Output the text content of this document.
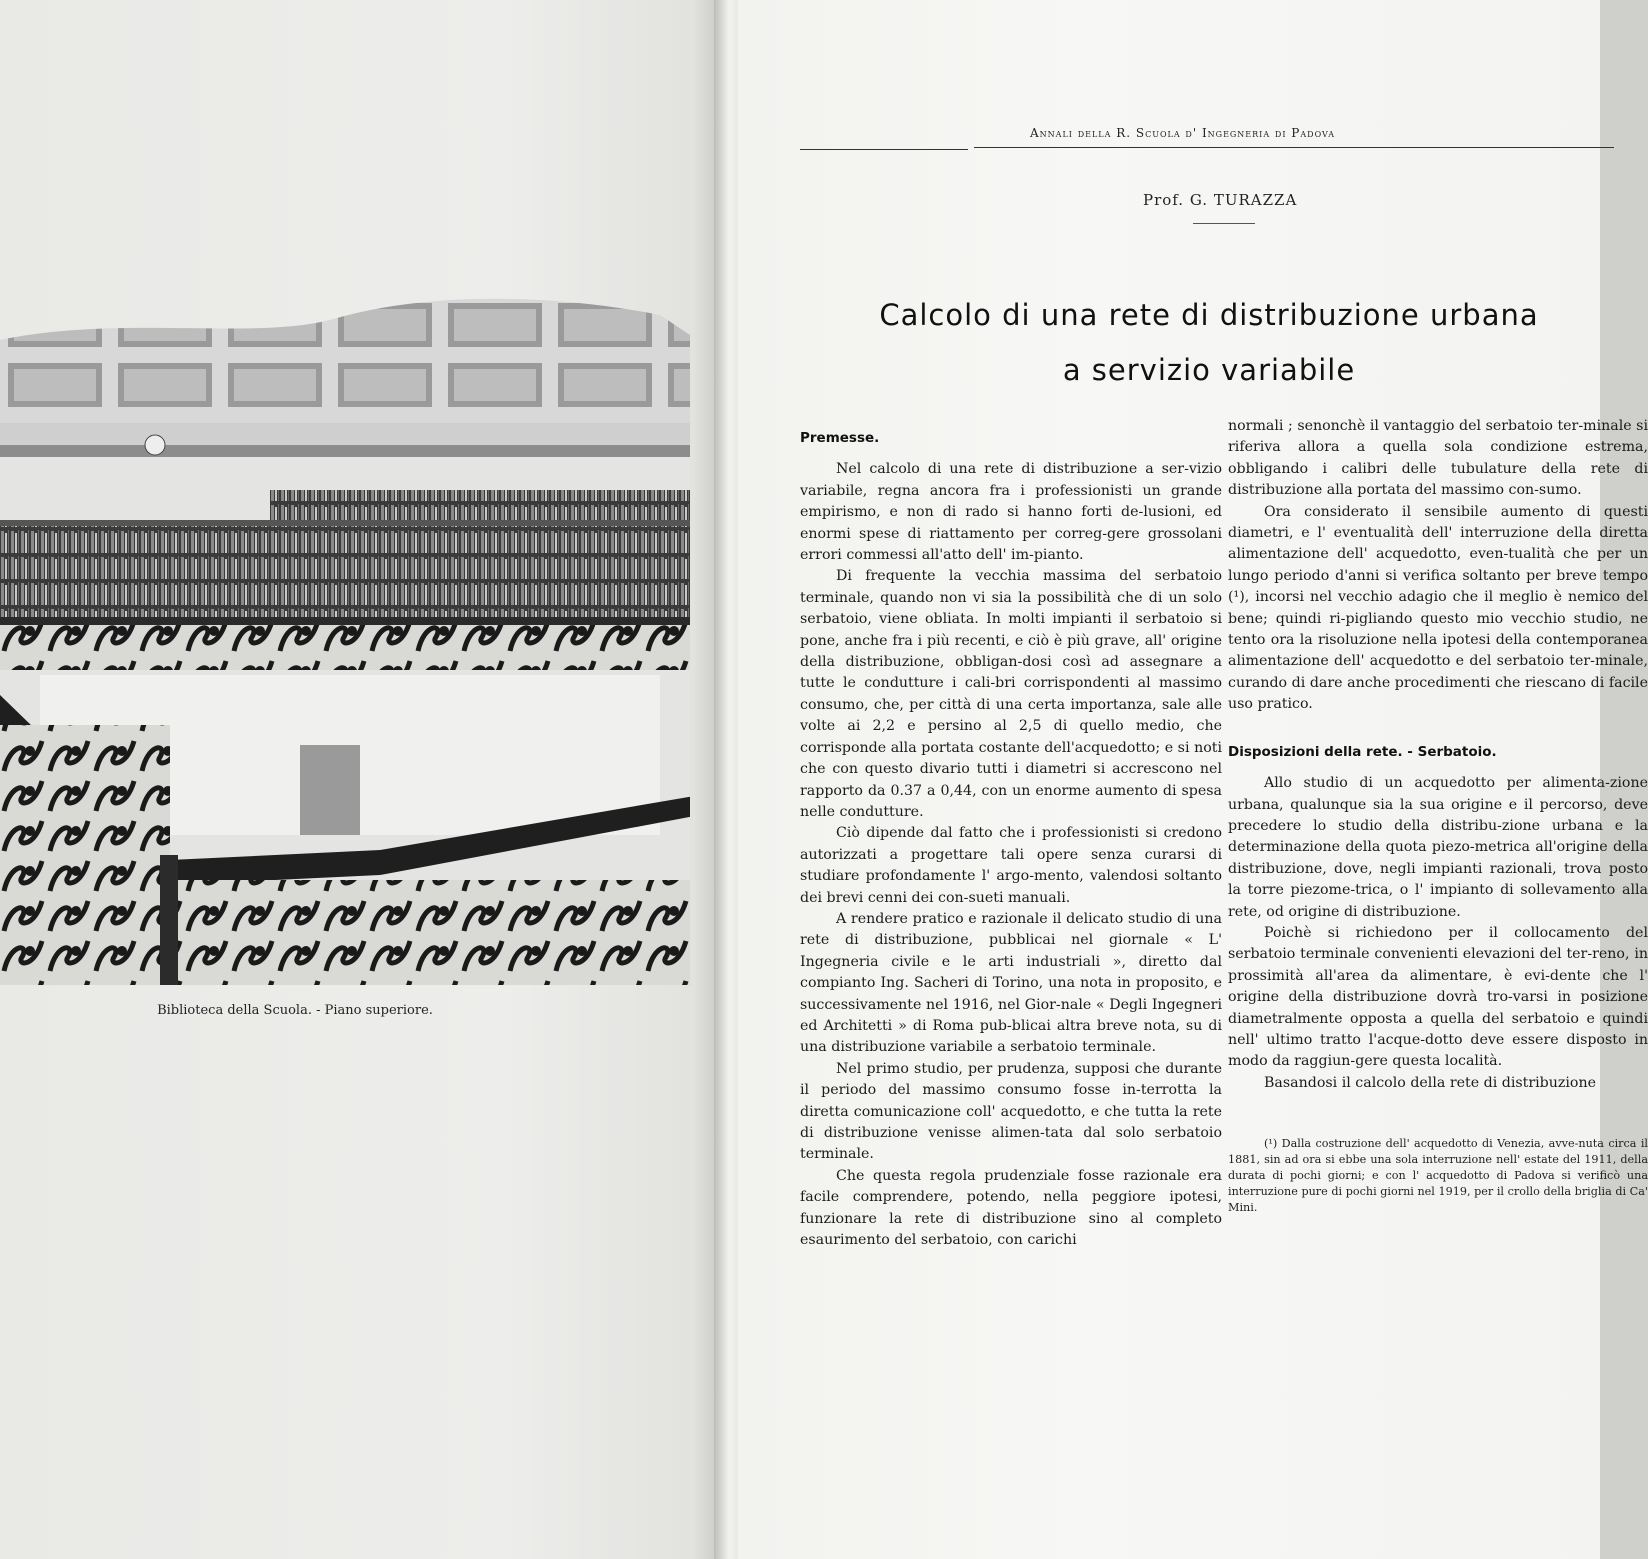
Biblioteca della Scuola. - Piano superiore.
Annali della R. Scuola d' Ingegneria di Padova
Prof. G. TURAZZA
Calcolo di una rete di distribuzione urbana
a servizio variabile
Premesse.

Nel calcolo di una rete di distribuzione a ser-vizio variabile, regna ancora fra i professionisti un grande empirismo, e non di rado si hanno forti de-lusioni, ed enormi spese di riattamento per correg-gere grossolani errori commessi all'atto dell' im-pianto.

Di frequente la vecchia massima del serbatoio terminale, quando non vi sia la possibilità che di un solo serbatoio, viene obliata. In molti impianti il serbatoio si pone, anche fra i più recenti, e ciò è più grave, all' origine della distribuzione, obbligan-dosi così ad assegnare a tutte le condutture i cali-bri corrispondenti al massimo consumo, che, per città di una certa importanza, sale alle volte ai 2,2 e persino al 2,5 di quello medio, che corrisponde alla portata costante dell'acquedotto; e si noti che con questo divario tutti i diametri si accrescono nel rapporto da 0.37 a 0,44, con un enorme aumento di spesa nelle condutture.

Ciò dipende dal fatto che i professionisti si credono autorizzati a progettare tali opere senza curarsi di studiare profondamente l' argo-mento, valendosi soltanto dei brevi cenni dei con-sueti manuali.

A rendere pratico e razionale il delicato studio di una rete di distribuzione, pubblicai nel giornale « L' Ingegneria civile e le arti industriali », diretto dal compianto Ing. Sacheri di Torino, una nota in proposito, e successivamente nel 1916, nel Gior-nale « Degli Ingegneri ed Architetti » di Roma pub-blicai altra breve nota, su di una distribuzione variabile a serbatoio terminale.

Nel primo studio, per prudenza, supposi che durante il periodo del massimo consumo fosse in-terrotta la diretta comunicazione coll' acquedotto, e che tutta la rete di distribuzione venisse alimen-tata dal solo serbatoio terminale.

Che questa regola prudenziale fosse razionale era facile comprendere, potendo, nella peggiore ipotesi, funzionare la rete di distribuzione sino al completo esaurimento del serbatoio, con carichi

normali ; senonchè il vantaggio del serbatoio ter-minale si riferiva allora a quella sola condizione estrema, obbligando i calibri delle tubulature della rete di distribuzione alla portata del massimo con-sumo.

Ora considerato il sensibile aumento di questi diametri, e l' eventualità dell' interruzione della diretta alimentazione dell' acquedotto, even-tualità che per un lungo periodo d'anni si verifica soltanto per breve tempo (¹), incorsi nel vecchio adagio che il meglio è nemico del bene; quindi ri-pigliando questo mio vecchio studio, ne tento ora la risoluzione nella ipotesi della contemporanea alimentazione dell' acquedotto e del serbatoio ter-minale, curando di dare anche procedimenti che riescano di facile uso pratico.

Disposizioni della rete. - Serbatoio.

Allo studio di un acquedotto per alimenta-zione urbana, qualunque sia la sua origine e il percorso, deve precedere lo studio della distribu-zione urbana e la determinazione della quota piezo-metrica all'origine della distribuzione, dove, negli impianti razionali, trova posto la torre piezome-trica, o l' impianto di sollevamento alla rete, od origine di distribuzione.

Poichè si richiedono per il collocamento del serbatoio terminale convenienti elevazioni del ter-reno, in prossimità all'area da alimentare, è evi-dente che l' origine della distribuzione dovrà tro-varsi in posizione diametralmente opposta a quella del serbatoio e quindi nell' ultimo tratto l'acque-dotto deve essere disposto in modo da raggiun-gere questa località.

Basandosi il calcolo della rete di distribuzione

(¹) Dalla costruzione dell' acquedotto di Venezia, avve-nuta circa il 1881, sin ad ora si ebbe una sola interruzione nell' estate del 1911, della durata di pochi giorni; e con l' acquedotto di Padova si verificò una interruzione pure di pochi giorni nel 1919, per il crollo della briglia di Ca' Mini.
